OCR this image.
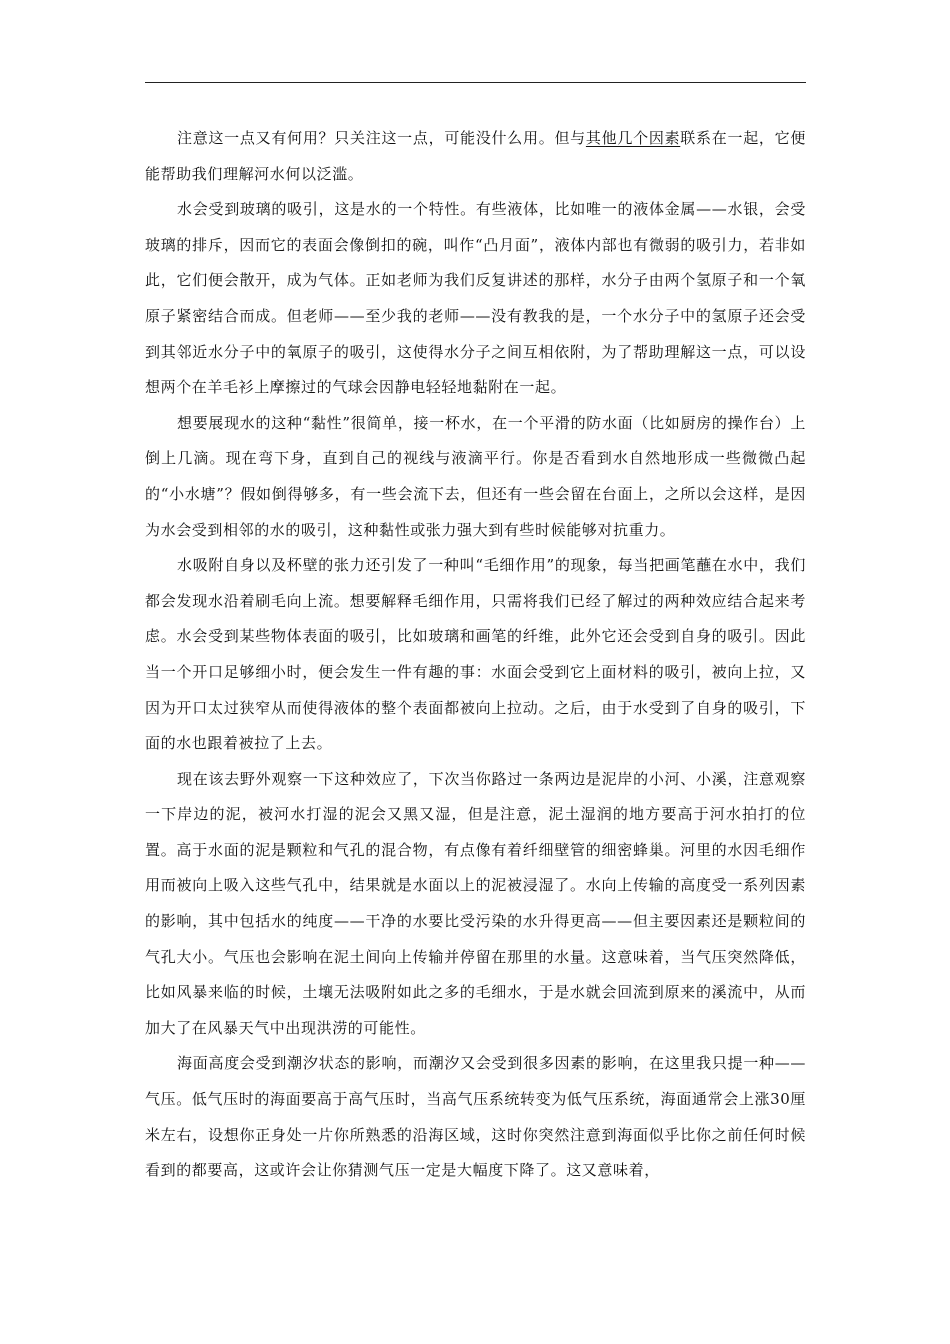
注意这一点又有何用？只关注这一点，可能没什么用。但与其他几个因素联系在一起，它便能帮助我们理解河水何以泛滥。

水会受到玻璃的吸引，这是水的一个特性。有些液体，比如唯一的液体金属——水银，会受玻璃的排斥，因而它的表面会像倒扣的碗，叫作“凸月面”，液体内部也有微弱的吸引力，若非如此，它们便会散开，成为气体。正如老师为我们反复讲述的那样，水分子由两个氢原子和一个氧原子紧密结合而成。但老师——至少我的老师——没有教我的是，一个水分子中的氢原子还会受到其邻近水分子中的氧原子的吸引，这使得水分子之间互相依附，为了帮助理解这一点，可以设想两个在羊毛衫上摩擦过的气球会因静电轻轻地黏附在一起。

想要展现水的这种“黏性”很简单，接一杯水，在一个平滑的防水面（比如厨房的操作台）上倒上几滴。现在弯下身，直到自己的视线与液滴平行。你是否看到水自然地形成一些微微凸起的“小水塘”？假如倒得够多，有一些会流下去，但还有一些会留在台面上，之所以会这样，是因为水会受到相邻的水的吸引，这种黏性或张力强大到有些时候能够对抗重力。

水吸附自身以及杯壁的张力还引发了一种叫“毛细作用”的现象，每当把画笔蘸在水中，我们都会发现水沿着刷毛向上流。想要解释毛细作用，只需将我们已经了解过的两种效应结合起来考虑。水会受到某些物体表面的吸引，比如玻璃和画笔的纤维，此外它还会受到自身的吸引。因此当一个开口足够细小时，便会发生一件有趣的事：水面会受到它上面材料的吸引，被向上拉，又因为开口太过狭窄从而使得液体的整个表面都被向上拉动。之后，由于水受到了自身的吸引，下面的水也跟着被拉了上去。

现在该去野外观察一下这种效应了，下次当你路过一条两边是泥岸的小河、小溪，注意观察一下岸边的泥，被河水打湿的泥会又黑又湿，但是注意，泥土湿润的地方要高于河水拍打的位置。高于水面的泥是颗粒和气孔的混合物，有点像有着纤细壁管的细密蜂巢。河里的水因毛细作用而被向上吸入这些气孔中，结果就是水面以上的泥被浸湿了。水向上传输的高度受一系列因素的影响，其中包括水的纯度——干净的水要比受污染的水升得更高——但主要因素还是颗粒间的气孔大小。气压也会影响在泥土间向上传输并停留在那里的水量。这意味着，当气压突然降低，比如风暴来临的时候，土壤无法吸附如此之多的毛细水，于是水就会回流到原来的溪流中，从而加大了在风暴天气中出现洪涝的可能性。

海面高度会受到潮汐状态的影响，而潮汐又会受到很多因素的影响，在这里我只提一种——气压。低气压时的海面要高于高气压时，当高气压系统转变为低气压系统，海面通常会上涨30厘米左右，设想你正身处一片你所熟悉的沿海区域，这时你突然注意到海面似乎比你之前任何时候看到的都要高，这或许会让你猜测气压一定是大幅度下降了。这又意味着，
